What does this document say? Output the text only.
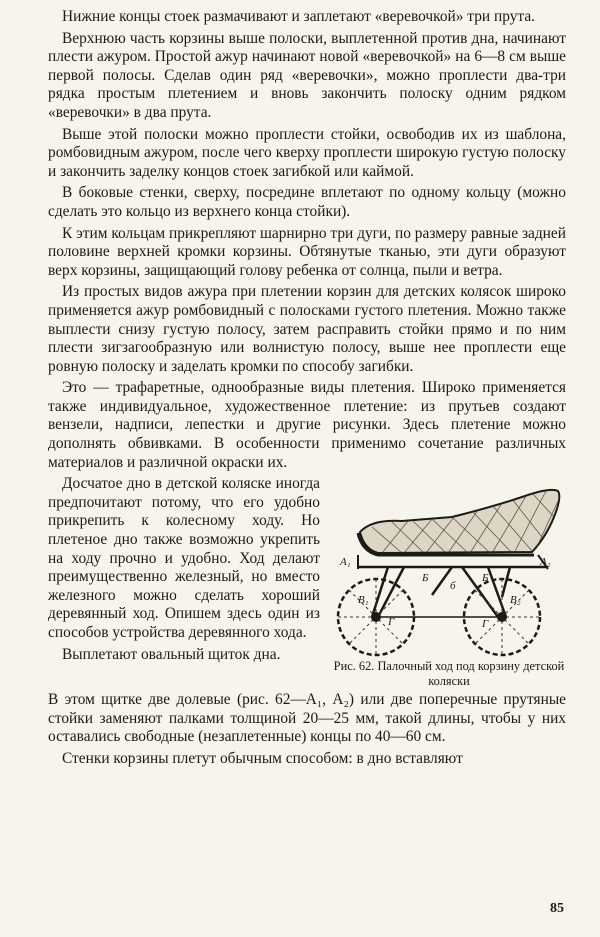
Нижние концы стоек размачивают и заплетают «веревочкой» три прута.

Верхнюю часть корзины выше полоски, выплетенной против дна, начинают плести ажуром. Простой ажур начинают новой «веревочкой» на 6—8 см выше первой полосы. Сделав один ряд «веревочки», можно проплести два-три рядка простым плетением и вновь закончить полоску одним рядком «веревочки» в два прута.

Выше этой полоски можно проплести стойки, освободив их из шаблона, ромбовидным ажуром, после чего кверху проплести широкую густую полоску и закончить заделку концов стоек загибкой или каймой.

В боковые стенки, сверху, посредине вплетают по одному кольцу (можно сделать это кольцо из верхнего конца стойки).

К этим кольцам прикрепляют шарнирно три дуги, по размеру равные задней половине верхней кромки корзины. Обтянутые тканью, эти дуги образуют верх корзины, защищающий голову ребенка от солнца, пыли и ветра.

Из простых видов ажура при плетении корзин для детских колясок широко применяется ажур ромбовидный с полосками густого плетения. Можно также выплести снизу густую полосу, затем расправить стойки прямо и по ним плести зигзагообразную или волнистую полосу, выше нее проплести еще ровную полоску и заделать кромки по способу загибки.

Это — трафаретные, однообразные виды плетения. Широко применяется также индивидуальное, художественное плетение: из прутьев создают вензели, надписи, лепестки и другие рисунки. Здесь плетение можно дополнять обвивками. В особенности применимо сочетание различных материалов и различной окраски их.

А₁	А₂
Б	Б
В₁	В₂
Г	Г
б
Рис. 62. Палочный ход под корзину детской коляски

Досчатое дно в детской коляске иногда предпочитают потому, что его удобно прикрепить к колесному ходу. Но плетеное дно также возможно укрепить на ходу прочно и удобно. Ход делают преимущественно железный, но вместо железного можно сделать хороший деревянный ход. Опишем здесь один из способов устройства деревянного хода.

Выплетают овальный щиток дна.

В этом щитке две долевые (рис. 62—А₁, А₂) или две поперечные прутяные стойки заменяют палками толщиной 20—25 мм, такой длины, чтобы у них оставались свободные (незаплетенные) концы по 40—60 см.

Стенки корзины плетут обычным способом: в дно вставляют

85
